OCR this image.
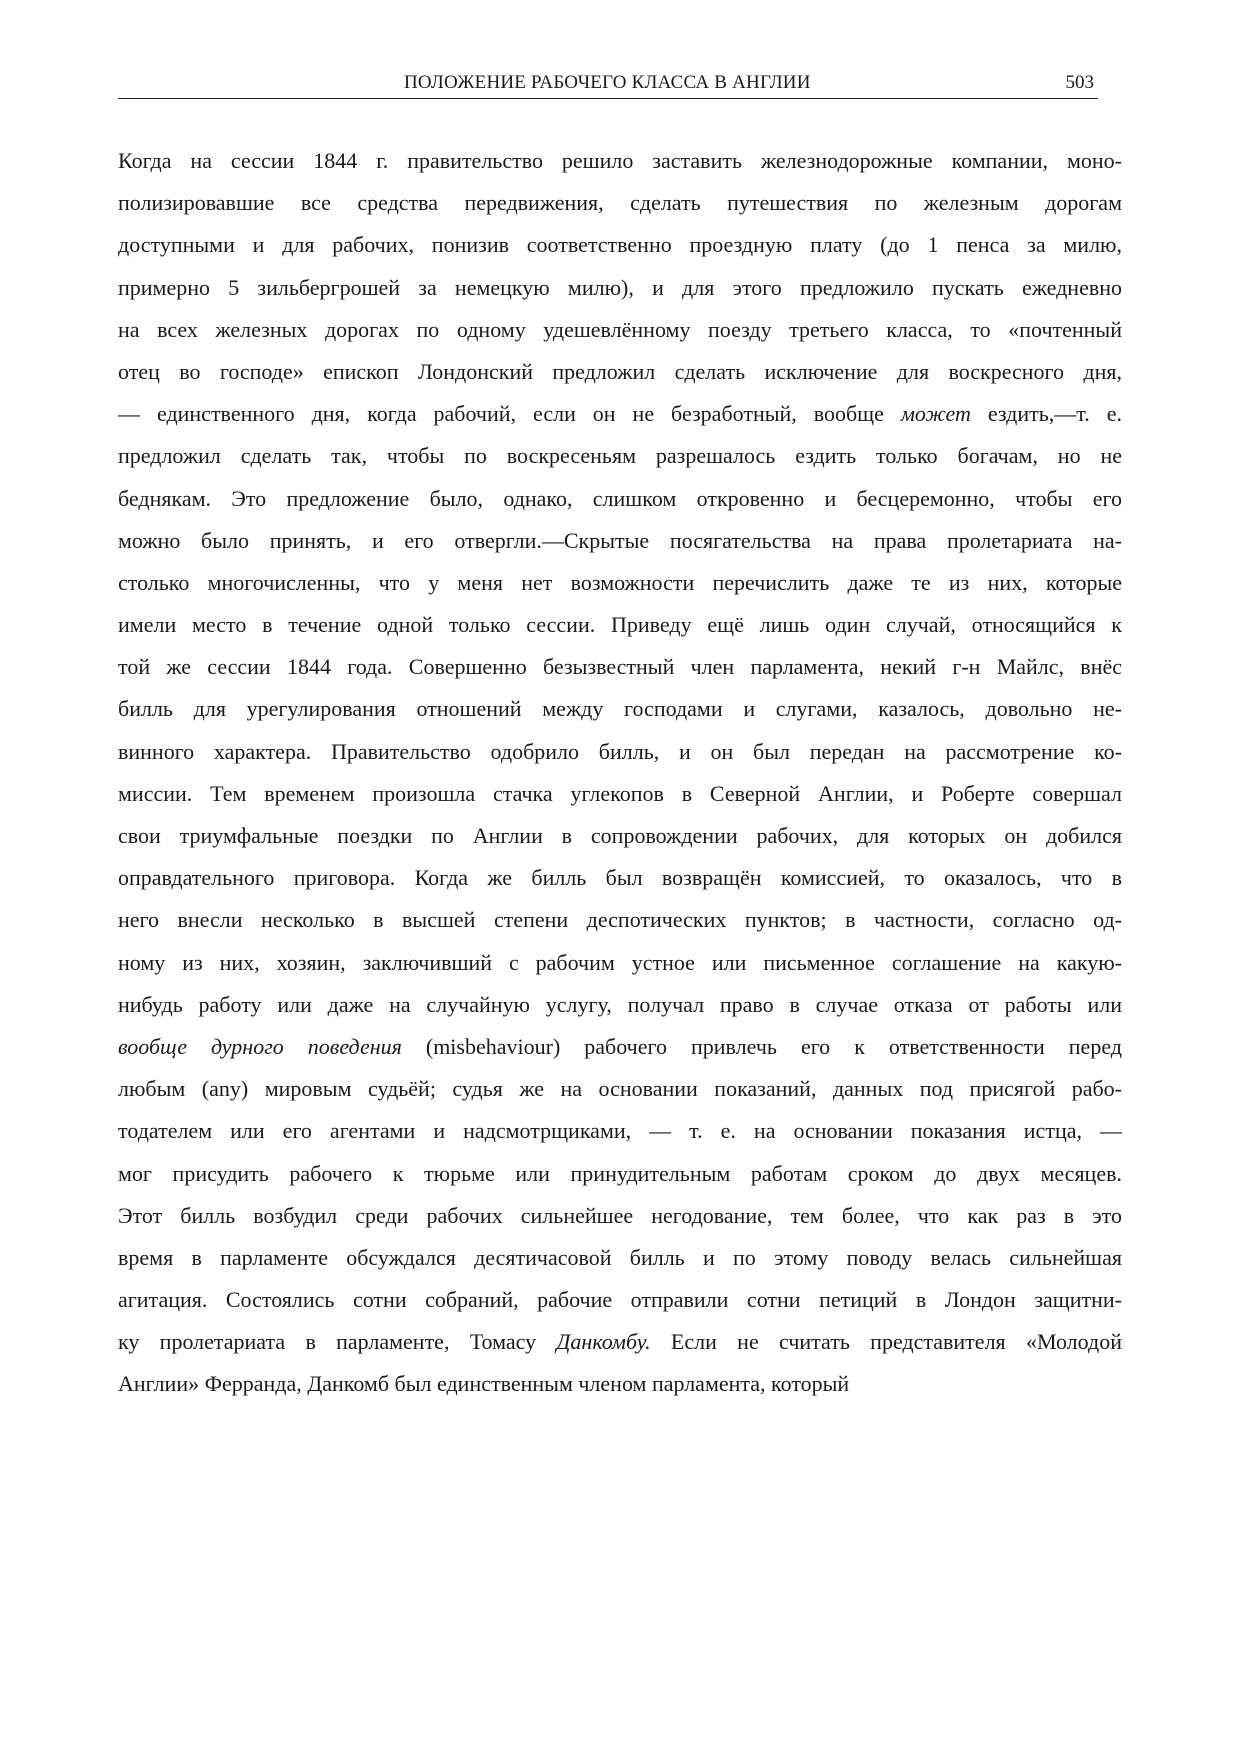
ПОЛОЖЕНИЕ РАБОЧЕГО КЛАССА В АНГЛИИ	503
Когда на сессии 1844 г. правительство решило заставить железнодорожные компании, моно-
полизировавшие все средства передвижения, сделать путешествия по железным дорогам
доступными и для рабочих, понизив соответственно проездную плату (до 1 пенса за милю,
примерно 5 зильбергрошей за немецкую милю), и для этого предложило пускать ежедневно
на всех железных дорогах по одному удешевлённому поезду третьего класса, то «почтенный
отец во господе» епископ Лондонский предложил сделать исключение для воскресного дня,
— единственного дня, когда рабочий, если он не безработный, вообще может ездить,—т. е.
предложил сделать так, чтобы по воскресеньям разрешалось ездить только богачам, но не
беднякам. Это предложение было, однако, слишком откровенно и бесцеремонно, чтобы его
можно было принять, и его отвергли.—Скрытые посягательства на права пролетариата на-
столько многочисленны, что у меня нет возможности перечислить даже те из них, которые
имели место в течение одной только сессии. Приведу ещё лишь один случай, относящийся к
той же сессии 1844 года. Совершенно безызвестный член парламента, некий г-н Майлс, внёс
билль для урегулирования отношений между господами и слугами, казалось, довольно не-
винного характера. Правительство одобрило билль, и он был передан на рассмотрение ко-
миссии. Тем временем произошла стачка углекопов в Северной Англии, и Роберте совершал
свои триумфальные поездки по Англии в сопровождении рабочих, для которых он добился
оправдательного приговора. Когда же билль был возвращён комиссией, то оказалось, что в
него внесли несколько в высшей степени деспотических пунктов; в частности, согласно од-
ному из них, хозяин, заключивший с рабочим устное или письменное соглашение на какую-
нибудь работу или даже на случайную услугу, получал право в случае отказа от работы или
вообще дурного поведения (misbehaviour) рабочего привлечь его к ответственности перед
любым (any) мировым судьёй; судья же на основании показаний, данных под присягой рабо-
тодателем или его агентами и надсмотрщиками, — т. е. на основании показания истца, —
мог присудить рабочего к тюрьме или принудительным работам сроком до двух месяцев.
Этот билль возбудил среди рабочих сильнейшее негодование, тем более, что как раз в это
время в парламенте обсуждался десятичасовой билль и по этому поводу велась сильнейшая
агитация. Состоялись сотни собраний, рабочие отправили сотни петиций в Лондон защитни-
ку пролетариата в парламенте, Томасу Данкомбу. Если не считать представителя «Молодой
Англии» Ферранда, Данкомб был единственным членом парламента, который
